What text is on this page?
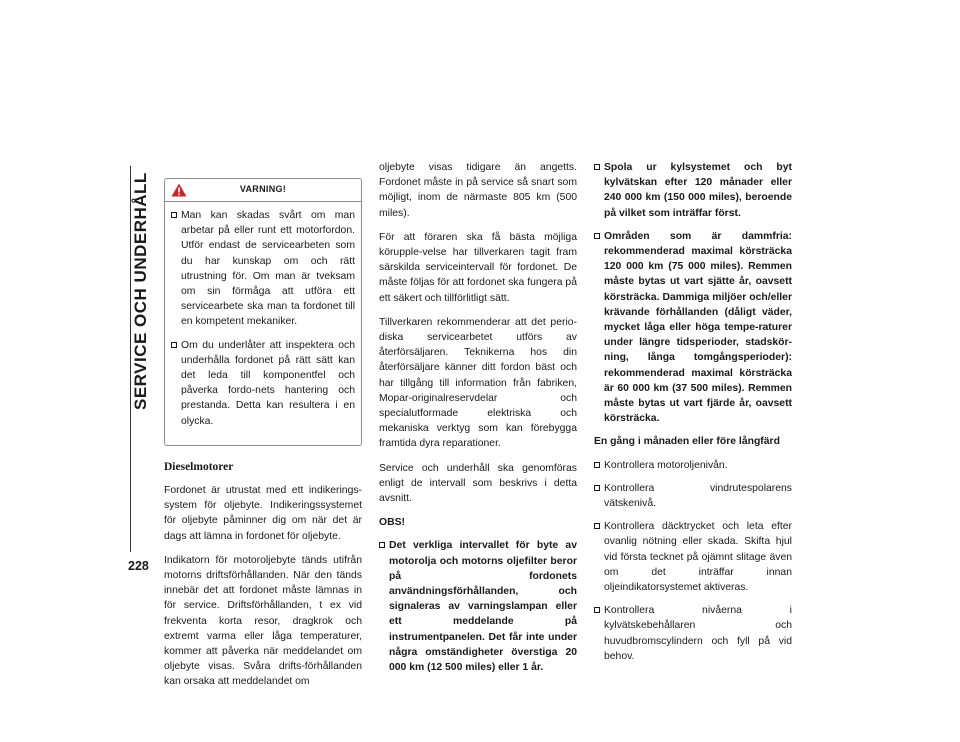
SERVICE OCH UNDERHÅLL
228
VARNING!
Man kan skadas svårt om man arbetar på eller runt ett motorfordon. Utför endast de servicearbeten som du har kunskap om och rätt utrustning för. Om man är tveksam om sin förmåga att utföra ett servicearbete ska man ta fordonet till en kompetent mekaniker.
Om du underlåter att inspektera och underhålla fordonet på rätt sätt kan det leda till komponentfel och påverka fordo-nets hantering och prestanda. Detta kan resultera i en olycka.
Dieselmotorer

Fordonet är utrustat med ett indikerings-system för oljebyte. Indikeringssystemet för oljebyte påminner dig om när det är dags att lämna in fordonet för oljebyte.

Indikatorn för motoroljebyte tänds utifrån motorns driftsförhållanden. När den tänds innebär det att fordonet måste lämnas in för service. Driftsförhållanden, t ex vid frekventa korta resor, dragkrok och extremt varma eller låga temperaturer, kommer att påverka när meddelandet om oljebyte visas. Svåra drifts-förhållanden kan orsaka att meddelandet om

oljebyte visas tidigare än angetts. Fordonet måste in på service så snart som möjligt, inom de närmaste 805 km (500 miles).

För att föraren ska få bästa möjliga körupple-velse har tillverkaren tagit fram särskilda serviceintervall för fordonet. De måste följas för att fordonet ska fungera på ett säkert och tillförlitligt sätt.

Tillverkaren rekommenderar att det perio-diska servicearbetet utförs av återförsäljaren. Teknikerna hos din återförsäljare känner ditt fordon bäst och har tillgång till information från fabriken, Mopar-originalreservdelar och specialutformade elektriska och mekaniska verktyg som kan förebygga framtida dyra reparationer.

Service och underhåll ska genomföras enligt de intervall som beskrivs i detta avsnitt.

OBS!
Det verkliga intervallet för byte av motorolja och motorns oljefilter beror på fordonets användningsförhållanden, och signaleras av varningslampan eller ett meddelande på instrumentpanelen. Det får inte under några omständigheter överstiga 20 000 km (12 500 miles) eller 1 år.
Spola ur kylsystemet och byt kylvätskan efter 120 månader eller 240 000 km (150 000 miles), beroende på vilket som inträffar först.
Områden som är dammfria: rekommenderad maximal körsträcka 120 000 km (75 000 miles). Remmen måste bytas ut vart sjätte år, oavsett körsträcka. Dammiga miljöer och/eller krävande förhållanden (dåligt väder, mycket låga eller höga tempe-raturer under längre tidsperioder, stadskör-ning, långa tomgångsperioder): rekommenderad maximal körsträcka är 60 000 km (37 500 miles). Remmen måste bytas ut vart fjärde år, oavsett körsträcka.
En gång i månaden eller före långfärd
Kontrollera motoroljenivån.
Kontrollera vindrutespolarens vätskenivå.
Kontrollera däcktrycket och leta efter ovanlig nötning eller skada. Skifta hjul vid första tecknet på ojämnt slitage även om det inträffar innan oljeindikatorsystemet aktiveras.
Kontrollera nivåerna i kylvätskebehållaren och huvudbromscylindern och fyll på vid behov.
